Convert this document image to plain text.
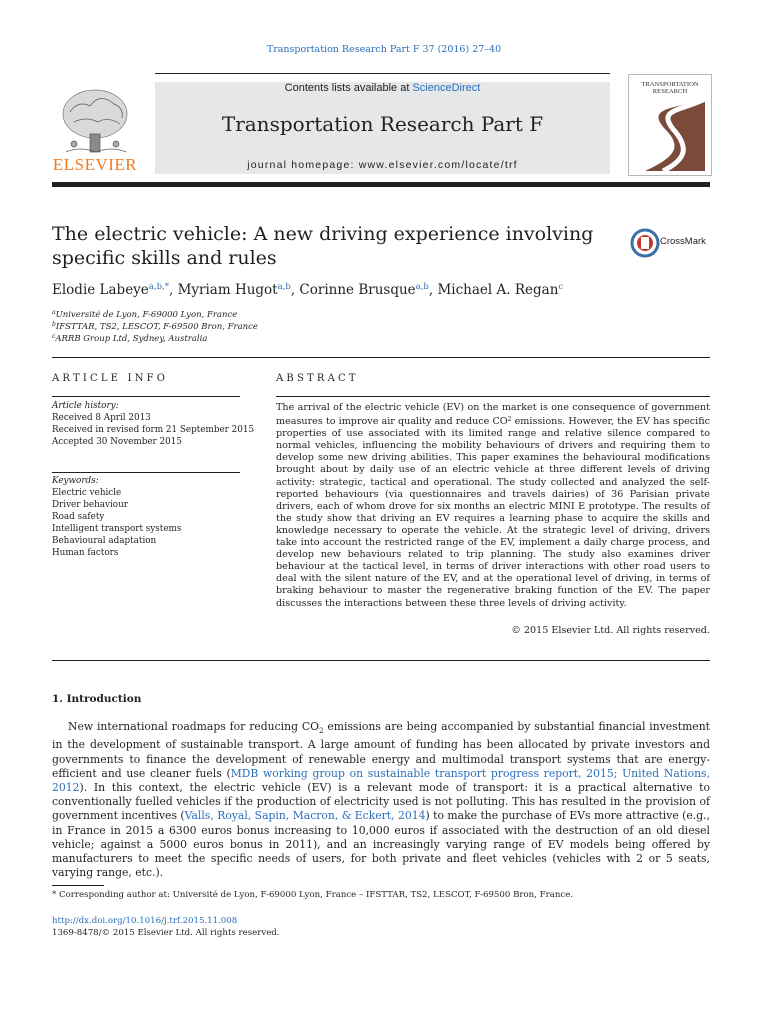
Transportation Research Part F 37 (2016) 27–40
ELSEVIER
Contents lists available at ScienceDirect
Transportation Research Part F
journal homepage: www.elsevier.com/locate/trf
TRANSPORTATION RESEARCH
The electric vehicle: A new driving experience involving specific skills and rules
CrossMark
Elodie Labeye$^{a,b,*}$, Myriam Hugot$^{a,b}$, Corinne Brusque$^{a,b}$, Michael A. Regan$^c$
$^a$Université de Lyon, F-69000 Lyon, France
$^b$IFSTTAR, TS2, LESCOT, F-69500 Bron, France
$^c$ARRB Group Ltd, Sydney, Australia
ARTICLE INFO
Article history:
Received 8 April 2013
Received in revised form 21 September 2015
Accepted 30 November 2015
Keywords:
Electric vehicle
Driver behaviour
Road safety
Intelligent transport systems
Behavioural adaptation
Human factors
ABSTRACT
The arrival of the electric vehicle (EV) on the market is one consequence of government measures to improve air quality and reduce $CO^2$ emissions. However, the EV has specific properties of use associated with its limited range and relative silence compared to normal vehicles, influencing the mobility behaviours of drivers and requiring them to develop some new driving abilities. This paper examines the behavioural modifications brought about by daily use of an electric vehicle at three different levels of driving activity: strategic, tactical and operational. The study collected and analyzed the self-reported behaviours (via questionnaires and travels dairies) of 36 Parisian private drivers, each of whom drove for six months an electric MINI E prototype. The results of the study show that driving an EV requires a learning phase to acquire the skills and knowledge necessary to operate the vehicle. At the strategic level of driving, drivers take into account the restricted range of the EV, implement a daily charge process, and develop new behaviours related to trip planning. The study also examines driver behaviour at the tactical level, in terms of driver interactions with other road users to deal with the silent nature of the EV, and at the operational level of driving, in terms of braking behaviour to master the regenerative braking function of the EV. The paper discusses the interactions between these three levels of driving activity.
© 2015 Elsevier Ltd. All rights reserved.
1. Introduction
New international roadmaps for reducing $CO_2$ emissions are being accompanied by substantial financial investment in the development of sustainable transport. A large amount of funding has been allocated by private investors and governments to finance the development of renewable energy and multimodal transport systems that are energy-efficient and use cleaner fuels (MDB working group on sustainable transport progress report, 2015; United Nations, 2012). In this context, the electric vehicle (EV) is a relevant mode of transport: it is a practical alternative to conventionally fuelled vehicles if the production of electricity used is not polluting. This has resulted in the provision of government incentives (Valls, Royal, Sapin, Macron, & Eckert, 2014) to make the purchase of EVs more attractive (e.g., in France in 2015 a 6300 euros bonus increasing to 10,000 euros if associated with the destruction of an old diesel vehicle; against a 5000 euros bonus in 2011), and an increasingly varying range of EV models being offered by manufacturers to meet the specific needs of users, for both private and fleet vehicles (vehicles with 2 or 5 seats, varying range, etc.).
* Corresponding author at: Université de Lyon, F-69000 Lyon, France – IFSTTAR, TS2, LESCOT, F-69500 Bron, France.
http://dx.doi.org/10.1016/j.trf.2015.11.008
1369-8478/© 2015 Elsevier Ltd. All rights reserved.
